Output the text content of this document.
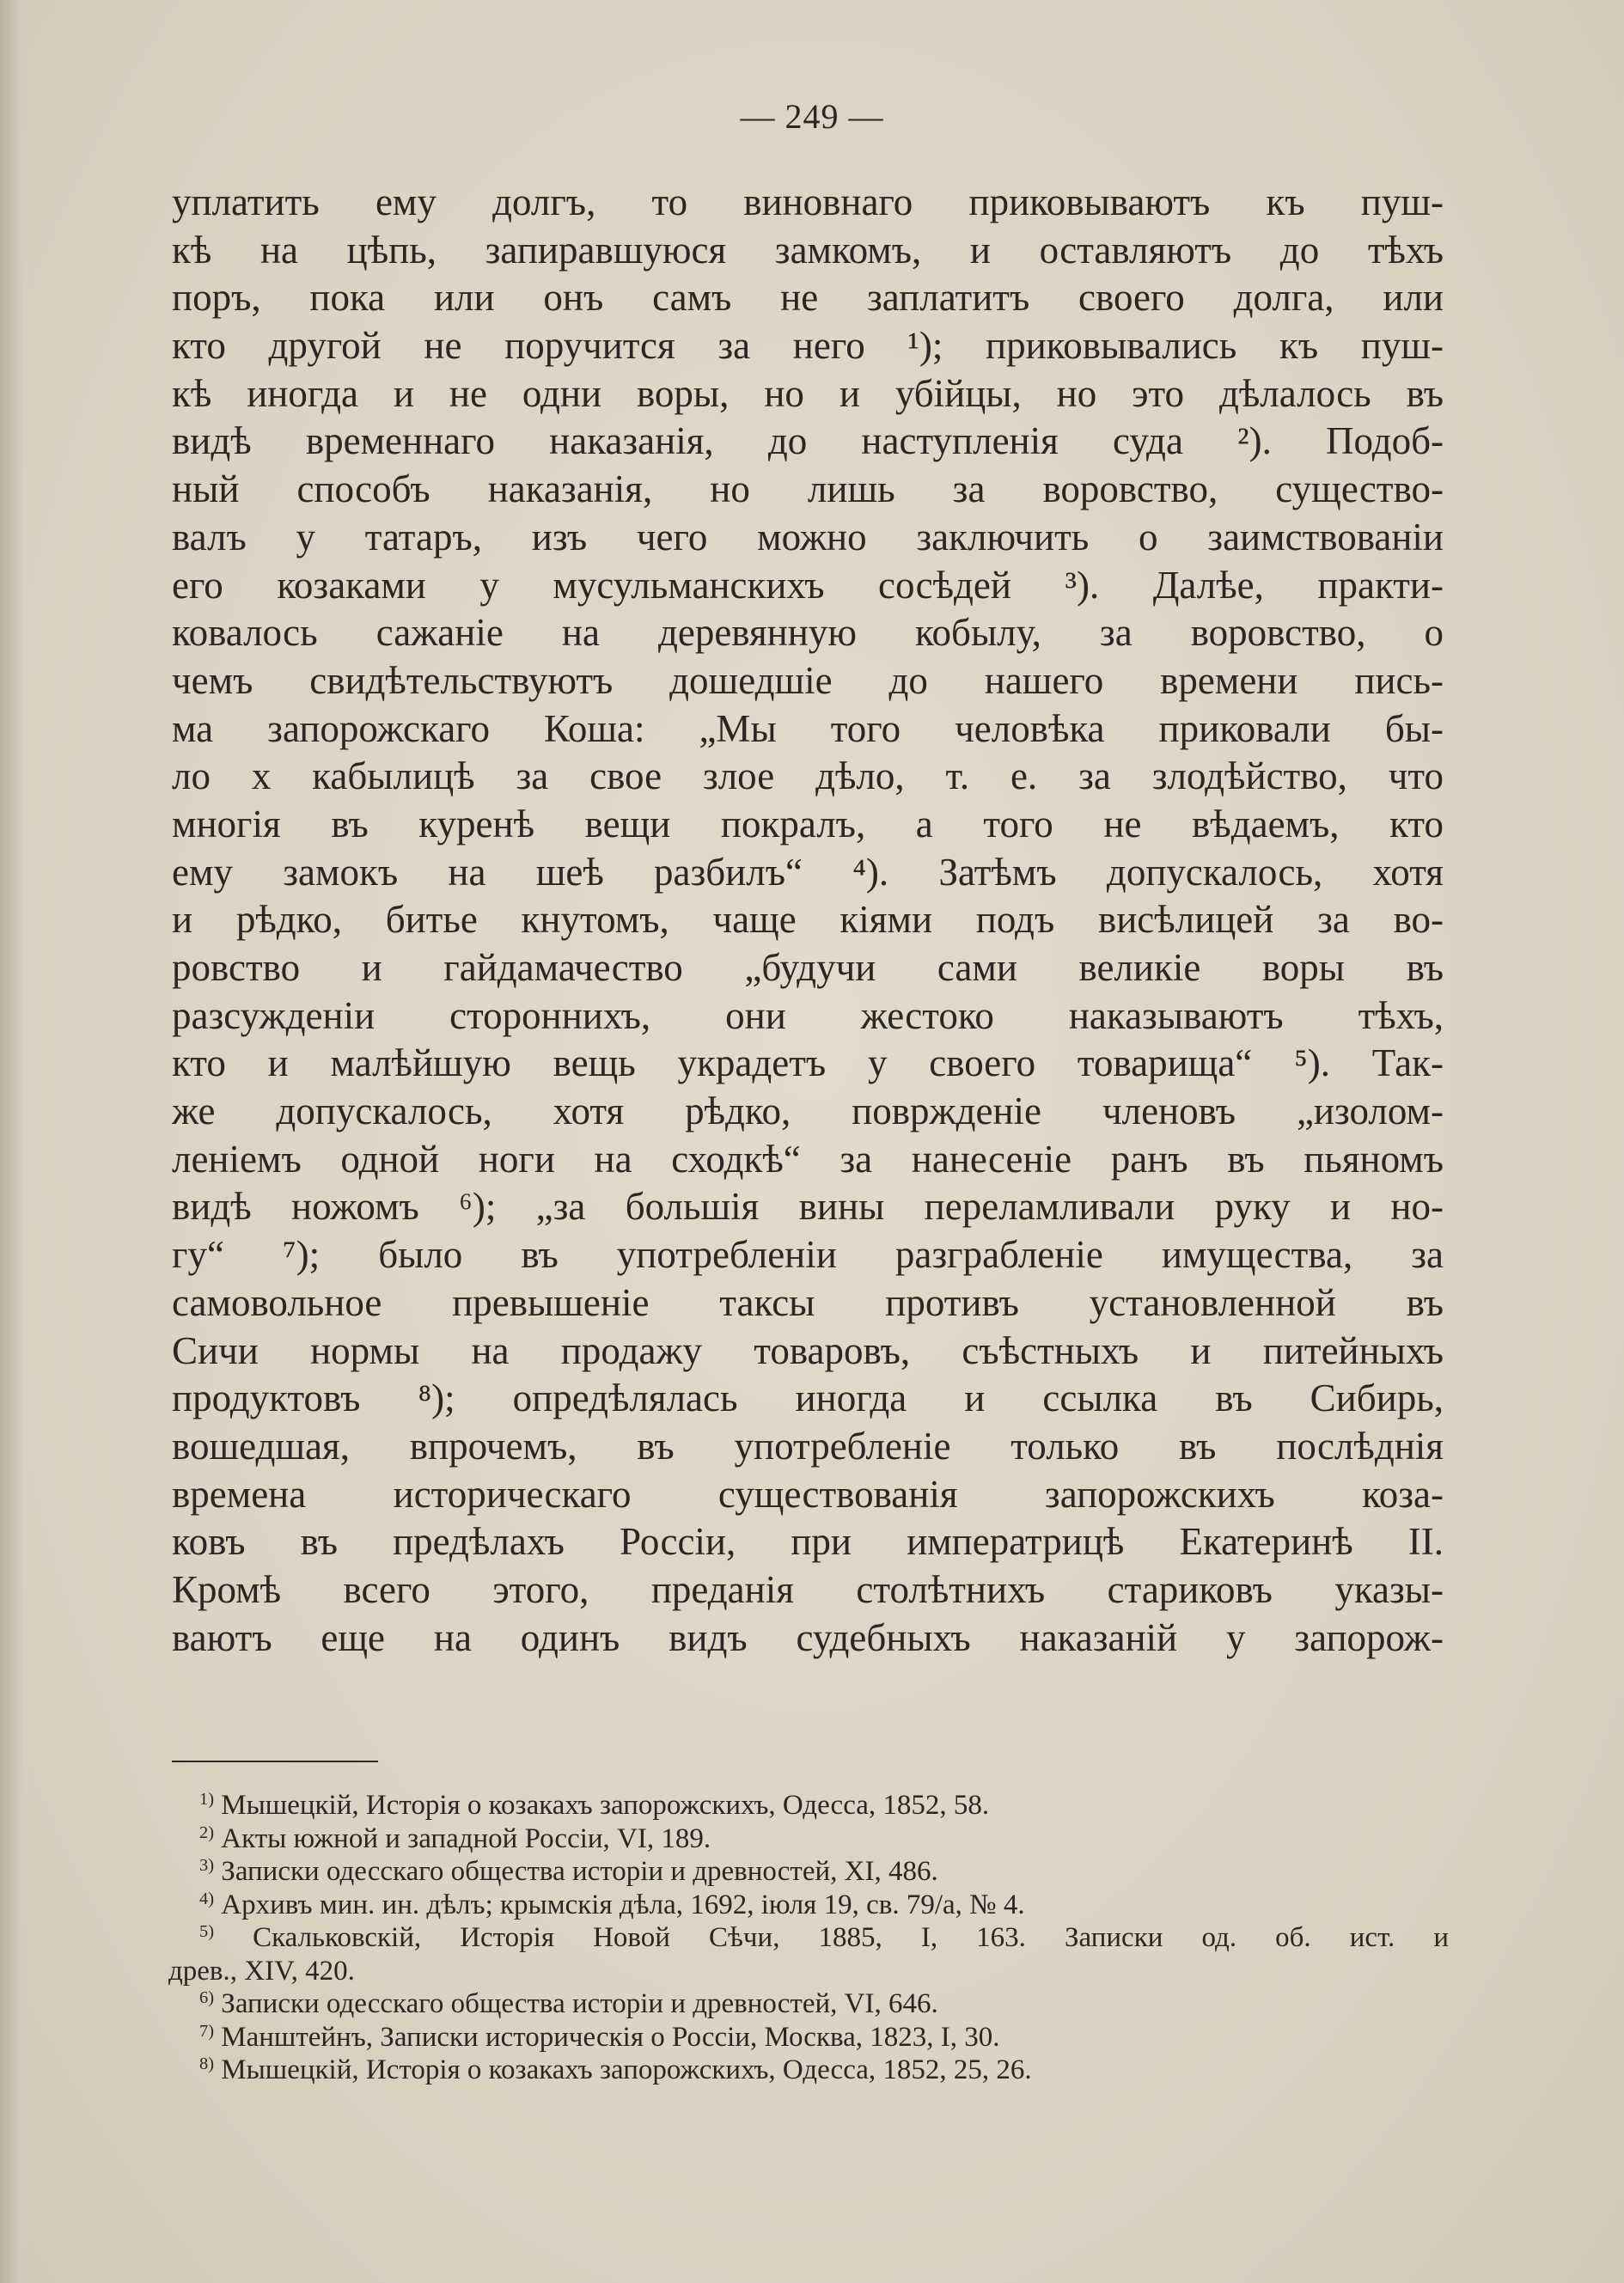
— 249 —
уплатить ему долгъ, то виновнаго приковываютъ къ пуш-
кѣ на цѣпь, запиравшуюся замкомъ, и оставляютъ до тѣхъ
поръ, пока или онъ самъ не заплатитъ своего долга, или
кто другой не поручится за него ¹); приковывались къ пуш-
кѣ иногда и не одни воры, но и убійцы, но это дѣлалось въ
видѣ временнаго наказанія, до наступленія суда ²). Подоб-
ный способъ наказанія, но лишь за воровство, существо-
валъ у татаръ, изъ чего можно заключить о заимствованіи
его козаками у мусульманскихъ сосѣдей ³). Далѣе, практи-
ковалось сажаніе на деревянную кобылу, за воровство, о
чемъ свидѣтельствуютъ дошедшіе до нашего времени пись-
ма запорожскаго Коша: „Мы того человѣка приковали бы-
ло х кабылицѣ за свое злое дѣло, т. е. за злодѣйство, что
многія въ куренѣ вещи покралъ, а того не вѣдаемъ, кто
ему замокъ на шеѣ разбилъ“ ⁴). Затѣмъ допускалось, хотя
и рѣдко, битье кнутомъ, чаще кіями подъ висѣлицей за во-
ровство и гайдамачество „будучи сами великіе воры въ
разсужденіи стороннихъ, они жестоко наказываютъ тѣхъ,
кто и малѣйшую вещь украдетъ у своего товарища“ ⁵). Так-
же допускалось, хотя рѣдко, повржденіе членовъ „изолом-
леніемъ одной ноги на сходкѣ“ за нанесеніе ранъ въ пьяномъ
видѣ ножомъ ⁶); „за большія вины переламливали руку и но-
гу“ ⁷); было въ употребленіи разграбленіе имущества, за
самовольное превышеніе таксы противъ установленной въ
Сичи нормы на продажу товаровъ, съѣстныхъ и питейныхъ
продуктовъ ⁸); опредѣлялась иногда и ссылка въ Сибирь,
вошедшая, впрочемъ, въ употребленіе только въ послѣднія
времена историческаго существованія запорожскихъ коза-
ковъ въ предѣлахъ Россіи, при императрицѣ Екатеринѣ II.
Кромѣ всего этого, преданія столѣтнихъ стариковъ указы-
ваютъ еще на одинъ видъ судебныхъ наказаній у запорож-
$^{1)}$ Мышецкій, Исторія о козакахъ запорожскихъ, Одесса, 1852, 58.
$^{2)}$ Акты южной и западной Россіи, VI, 189.
$^{3)}$ Записки одесскаго общества исторіи и древностей, XI, 486.
$^{4)}$ Архивъ мин. ин. дѣлъ; крымскія дѣла, 1692, іюля 19, св. 79/а, № 4.
$^{5)}$ Скальковскій, Исторія Новой Сѣчи, 1885, I, 163. Записки од. об. ист. и
древ., XIV, 420.
$^{6)}$ Записки одесскаго общества исторіи и древностей, VI, 646.
$^{7)}$ Манштейнъ, Записки историческія о Россіи, Москва, 1823, I, 30.
$^{8)}$ Мышецкій, Исторія о козакахъ запорожскихъ, Одесса, 1852, 25, 26.
